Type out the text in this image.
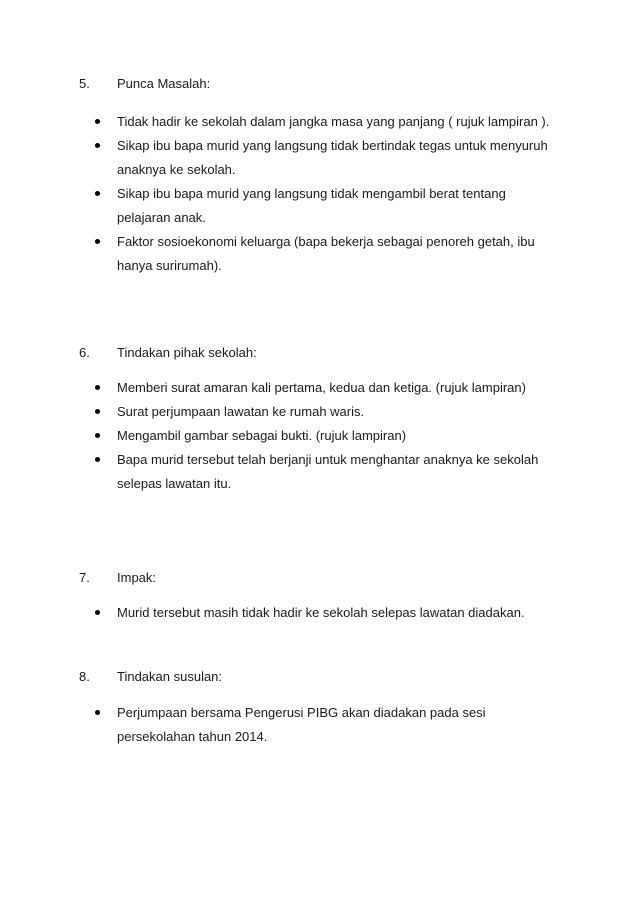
5. Punca Masalah:
Tidak hadir ke sekolah dalam jangka masa yang panjang ( rujuk lampiran ).
Sikap ibu bapa murid yang langsung tidak bertindak tegas untuk menyuruh anaknya ke sekolah.
Sikap ibu bapa murid yang langsung tidak mengambil berat tentang pelajaran anak.
Faktor sosioekonomi keluarga (bapa bekerja sebagai penoreh getah, ibu hanya surirumah).
6. Tindakan pihak sekolah:
Memberi surat amaran kali pertama, kedua dan ketiga. (rujuk lampiran)
Surat perjumpaan lawatan ke rumah waris.
Mengambil gambar sebagai bukti. (rujuk lampiran)
Bapa murid tersebut telah berjanji untuk menghantar anaknya ke sekolah selepas lawatan itu.
7. Impak:
Murid tersebut masih tidak hadir ke sekolah selepas lawatan diadakan.
8. Tindakan susulan:
Perjumpaan bersama Pengerusi PIBG akan diadakan pada sesi persekolahan tahun 2014.
